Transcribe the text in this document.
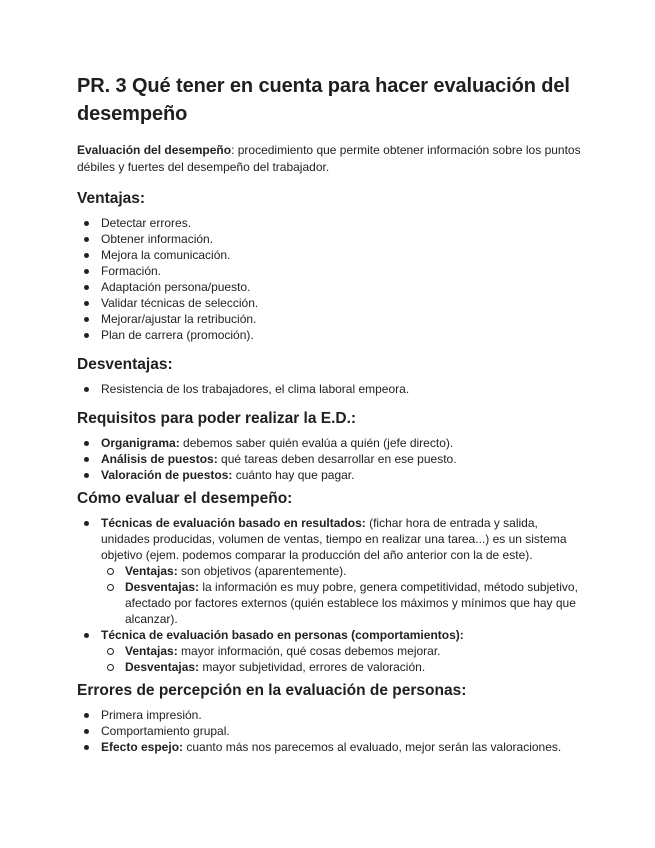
PR. 3 Qué tener en cuenta para hacer evaluación del desempeño

Evaluación del desempeño: procedimiento que permite obtener información sobre los puntos débiles y fuertes del desempeño del trabajador.

Ventajas:
Detectar errores.
Obtener información.
Mejora la comunicación.
Formación.
Adaptación persona/puesto.
Validar técnicas de selección.
Mejorar/ajustar la retribución.
Plan de carrera (promoción).
Desventajas:
Resistencia de los trabajadores, el clima laboral empeora.
Requisitos para poder realizar la E.D.:
Organigrama: debemos saber quién evalúa a quién (jefe directo).
Análisis de puestos: qué tareas deben desarrollar en ese puesto.
Valoración de puestos: cuánto hay que pagar.
Cómo evaluar el desempeño:
Técnicas de evaluación basado en resultados: (fichar hora de entrada y salida, unidades producidas, volumen de ventas, tiempo en realizar una tarea...) es un sistema objetivo (ejem. podemos comparar la producción del año anterior con la de este).
Ventajas: son objetivos (aparentemente).
Desventajas: la información es muy pobre, genera competitividad, método subjetivo, afectado por factores externos (quién establece los máximos y mínimos que hay que alcanzar).
Técnica de evaluación basado en personas (comportamientos):
Ventajas: mayor información, qué cosas debemos mejorar.
Desventajas: mayor subjetividad, errores de valoración.
Errores de percepción en la evaluación de personas:
Primera impresión.
Comportamiento grupal.
Efecto espejo: cuanto más nos parecemos al evaluado, mejor serán las valoraciones.
